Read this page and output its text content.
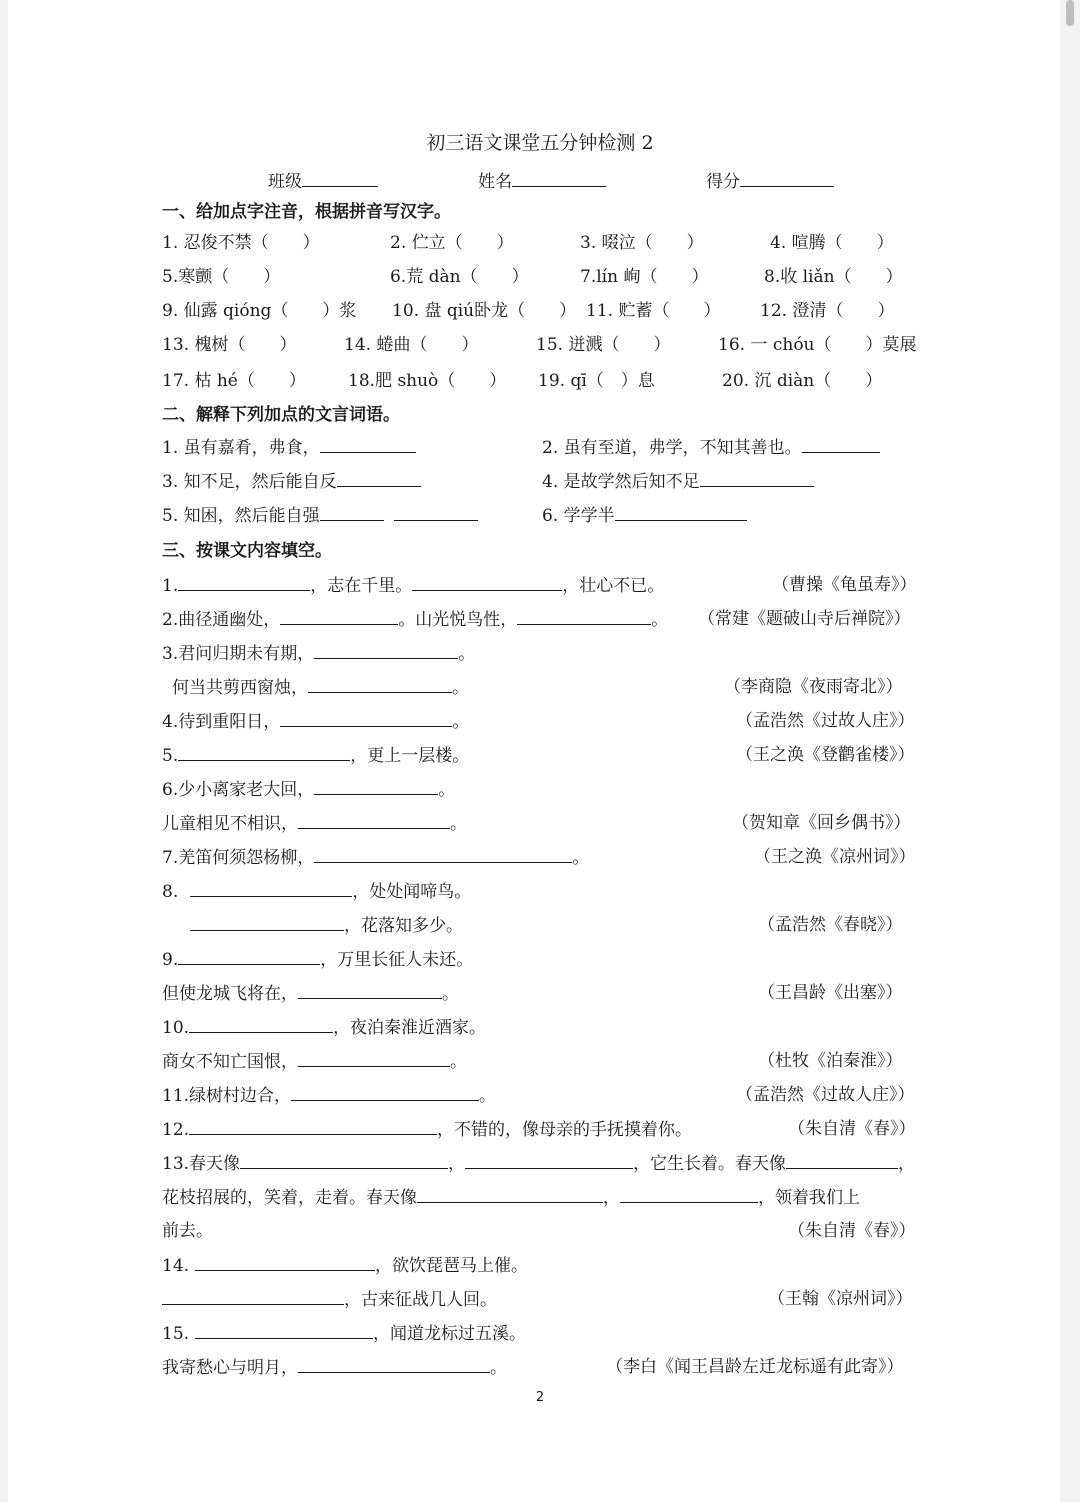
初三语文课堂五分钟检测 2
班级	姓名	得分
一、给加点字注音，根据拼音写汉字。
1. 忍俊不禁（　　）	2. 伫立（　　）	3. 啜泣（　　）	4. 喧腾（　　）
5.寒颤（　　）	6.荒 dàn（　　）	7.lín 峋（　　）	8.收 liǎn（　　）
9. 仙露 qióng（　　）浆 10. 盘 qiú卧龙（　　） 11. 贮蓄（　　） 12. 澄清（　　）
13. 槐树（　　）	14. 蜷曲（　　）	15. 迸溅（　　）	16. 一 chóu（　　）莫展
17. 枯 hé（　　） 18.肥 shuò（　　） 19. qī（　）息	20. 沉 diàn（　　）
二、解释下列加点的文言词语。
1. 虽有嘉肴，弗食，	2. 虽有至道，弗学，不知其善也。
3. 知不足，然后能自反	4. 是故学然后知不足
5. 知困，然后能自强	6. 学学半
三、按课文内容填空。
1.	，志在千里。	，壮心不已。	（曹操《龟虽寿》）
2.曲径通幽处，	。山光悦鸟性，	。 （常建《题破山寺后禅院》）
3.君问归期未有期，	。
何当共剪西窗烛，	。	（李商隐《夜雨寄北》）
4.待到重阳日，	。	（孟浩然《过故人庄》）
5.	，更上一层楼。	（王之涣《登鹳雀楼》）
6.少小离家老大回，	。
儿童相见不相识，	。	（贺知章《回乡偶书》）
7.羌笛何须怨杨柳，	。	（王之涣《凉州词》）
8.	，处处闻啼鸟。
，花落知多少。	（孟浩然《春晓》）
9.	，万里长征人未还。
但使龙城飞将在，	。	（王昌龄《出塞》）
10.	，夜泊秦淮近酒家。
商女不知亡国恨，	。	（杜牧《泊秦淮》）
11.绿树村边合，	。	（孟浩然《过故人庄》）
12.	，不错的，像母亲的手抚摸着你。	（朱自清《春》）
13.春天像	，	，它生长着。春天像	，
花枝招展的，笑着，走着。春天像	，	，领着我们上
前去。	（朱自清《春》）
14.	，欲饮琵琶马上催。
，古来征战几人回。	（王翰《凉州词》）
15.	，闻道龙标过五溪。
我寄愁心与明月，	。	（李白《闻王昌龄左迁龙标遥有此寄》）
2
